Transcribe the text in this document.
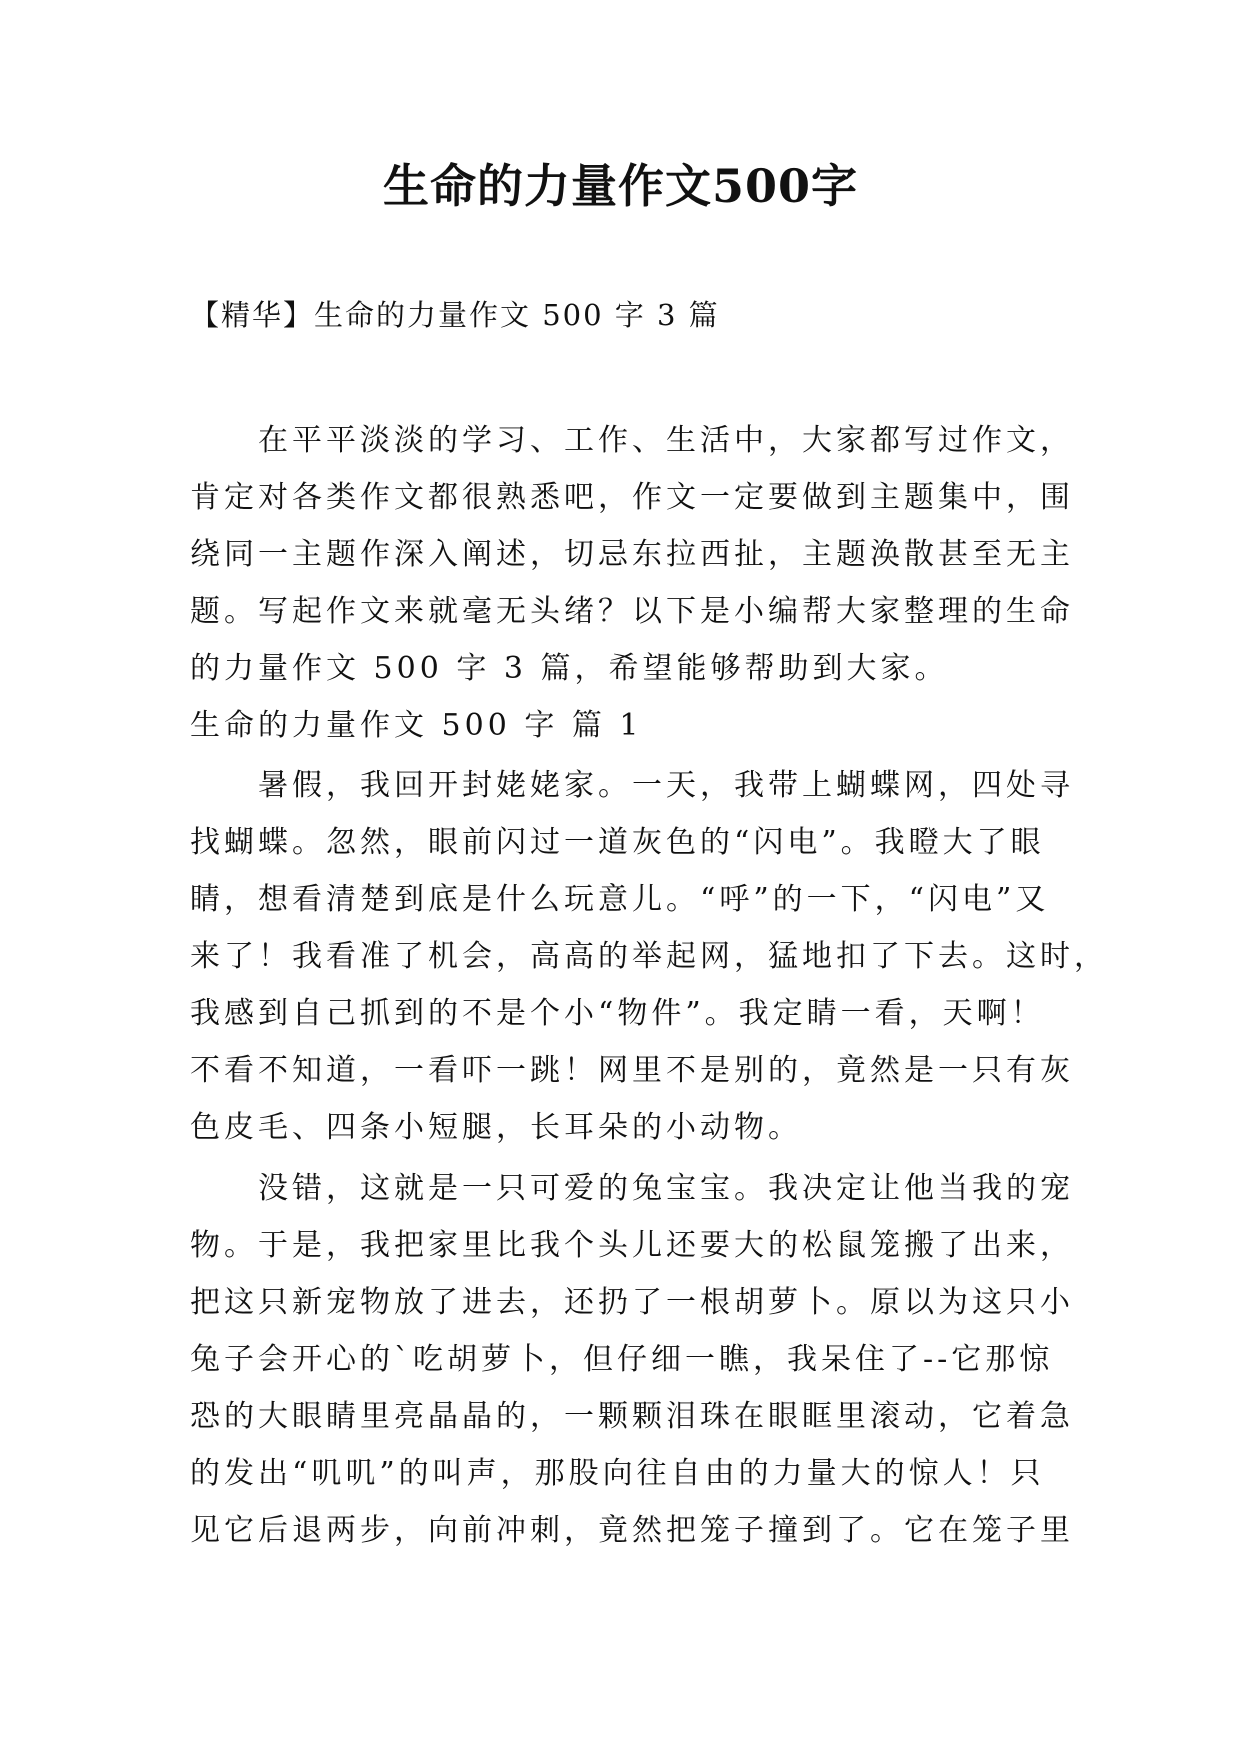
生命的力量作文500字
【精华】生命的力量作文 500 字 3 篇
　　在平平淡淡的学习、工作、生活中，大家都写过作文，
肯定对各类作文都很熟悉吧，作文一定要做到主题集中，围
绕同一主题作深入阐述，切忌东拉西扯，主题涣散甚至无主
题。写起作文来就毫无头绪？以下是小编帮大家整理的生命
的力量作文 500 字 3 篇，希望能够帮助到大家。
生命的力量作文 500 字 篇 1
　　暑假，我回开封姥姥家。一天，我带上蝴蝶网，四处寻
找蝴蝶。忽然，眼前闪过一道灰色的“闪电”。我瞪大了眼
睛，想看清楚到底是什么玩意儿。“呼”的一下，“闪电”又
来了！我看准了机会，高高的举起网，猛地扣了下去。这时，
我感到自己抓到的不是个小“物件”。我定睛一看，天啊！
不看不知道，一看吓一跳！网里不是别的，竟然是一只有灰
色皮毛、四条小短腿，长耳朵的小动物。
　　没错，这就是一只可爱的兔宝宝。我决定让他当我的宠
物。于是，我把家里比我个头儿还要大的松鼠笼搬了出来，
把这只新宠物放了进去，还扔了一根胡萝卜。原以为这只小
兔子会开心的`吃胡萝卜，但仔细一瞧，我呆住了--它那惊
恐的大眼睛里亮晶晶的，一颗颗泪珠在眼眶里滚动，它着急
的发出“叽叽”的叫声，那股向往自由的力量大的惊人！只
见它后退两步，向前冲刺，竟然把笼子撞到了。它在笼子里
